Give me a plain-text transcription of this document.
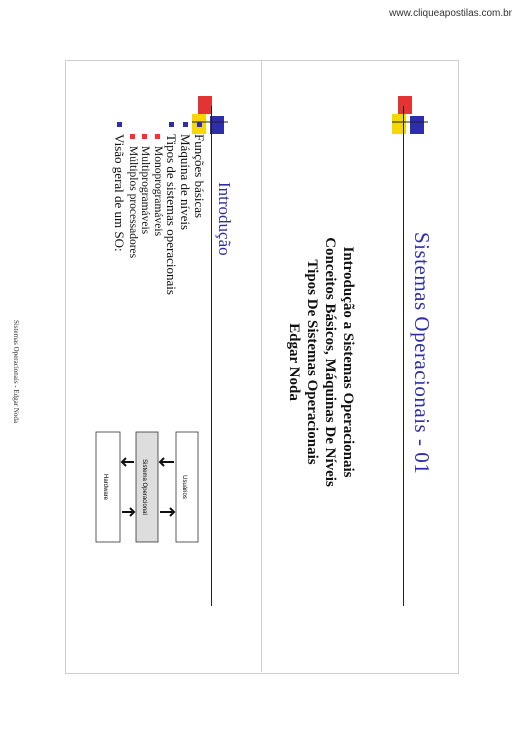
www.cliqueapostilas.com.br
Sistemas Operacionais - 01
Introdução a Sistemas Operacionais
Conceitos Básicos, Máquinas De Níveis
Tipos De Sistemas Operacionais
Edgar Noda
Introdução
Funções básicas
Máquina de níveis
Tipos de sistemas operacionais
Monoprogramáveis
Multiprogramáveis
Múltiplos processadores
Visão geral de um SO:
Usuários
Sistema Operacional
Hardware
Sistemas Operacionais - Edgar Noda
